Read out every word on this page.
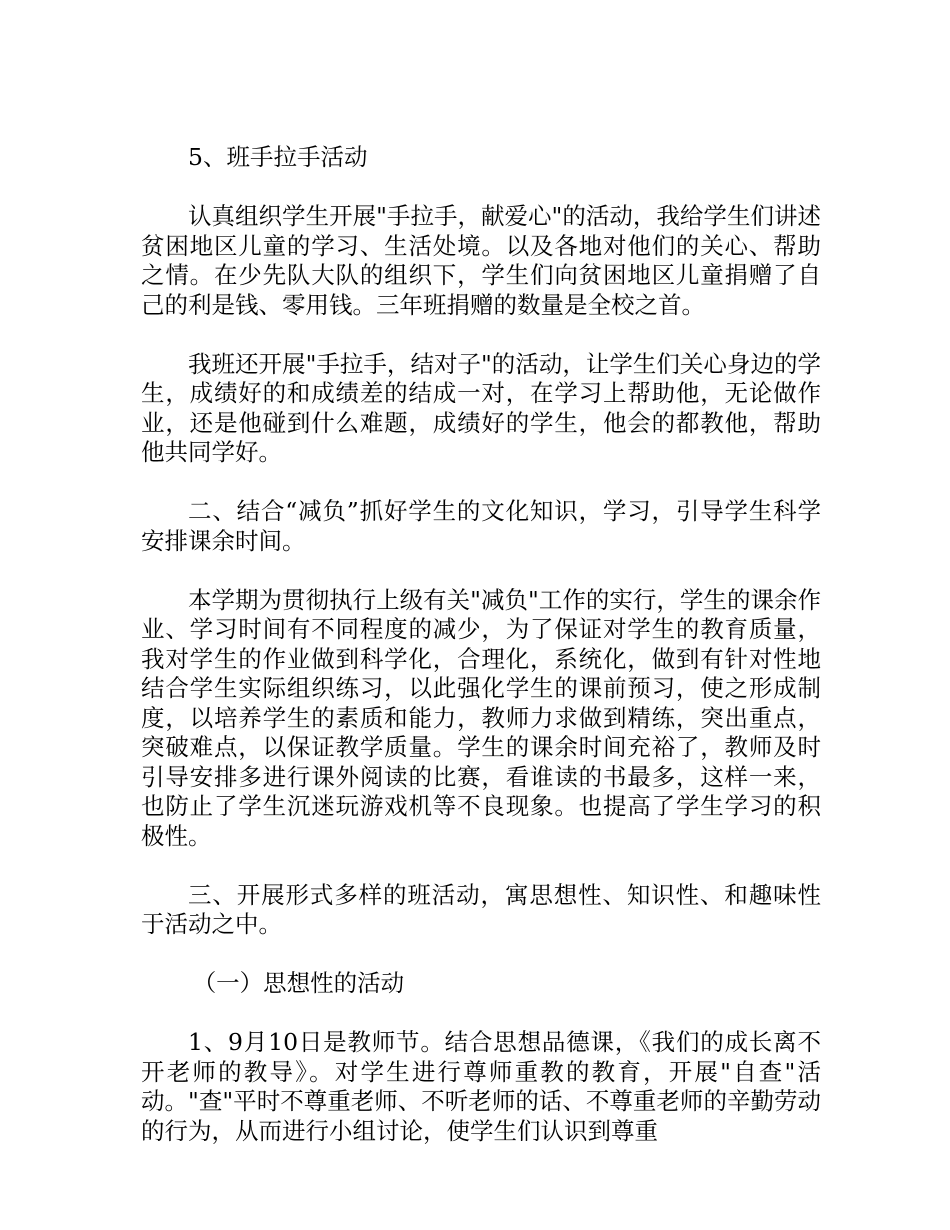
5、班手拉手活动

认真组织学生开展"手拉手，献爱心"的活动，我给学生们讲述贫困地区儿童的学习、生活处境。以及各地对他们的关心、帮助之情。在少先队大队的组织下，学生们向贫困地区儿童捐赠了自己的利是钱、零用钱。三年班捐赠的数量是全校之首。

我班还开展"手拉手，结对子"的活动，让学生们关心身边的学生，成绩好的和成绩差的结成一对，在学习上帮助他，无论做作业，还是他碰到什么难题，成绩好的学生，他会的都教他，帮助他共同学好。

二、结合“减负”抓好学生的文化知识，学习，引导学生科学安排课余时间。

本学期为贯彻执行上级有关"减负"工作的实行，学生的课余作业、学习时间有不同程度的减少，为了保证对学生的教育质量，我对学生的作业做到科学化，合理化，系统化，做到有针对性地结合学生实际组织练习，以此强化学生的课前预习，使之形成制度，以培养学生的素质和能力，教师力求做到精练，突出重点，突破难点，以保证教学质量。学生的课余时间充裕了，教师及时引导安排多进行课外阅读的比赛，看谁读的书最多，这样一来，也防止了学生沉迷玩游戏机等不良现象。也提高了学生学习的积极性。

三、开展形式多样的班活动，寓思想性、知识性、和趣味性于活动之中。

（一）思想性的活动

1、9月10日是教师节。结合思想品德课，《我们的成长离不开老师的教导》。对学生进行尊师重教的教育，开展"自查"活动。"查"平时不尊重老师、不听老师的话、不尊重老师的辛勤劳动的行为，从而进行小组讨论，使学生们认识到尊重
